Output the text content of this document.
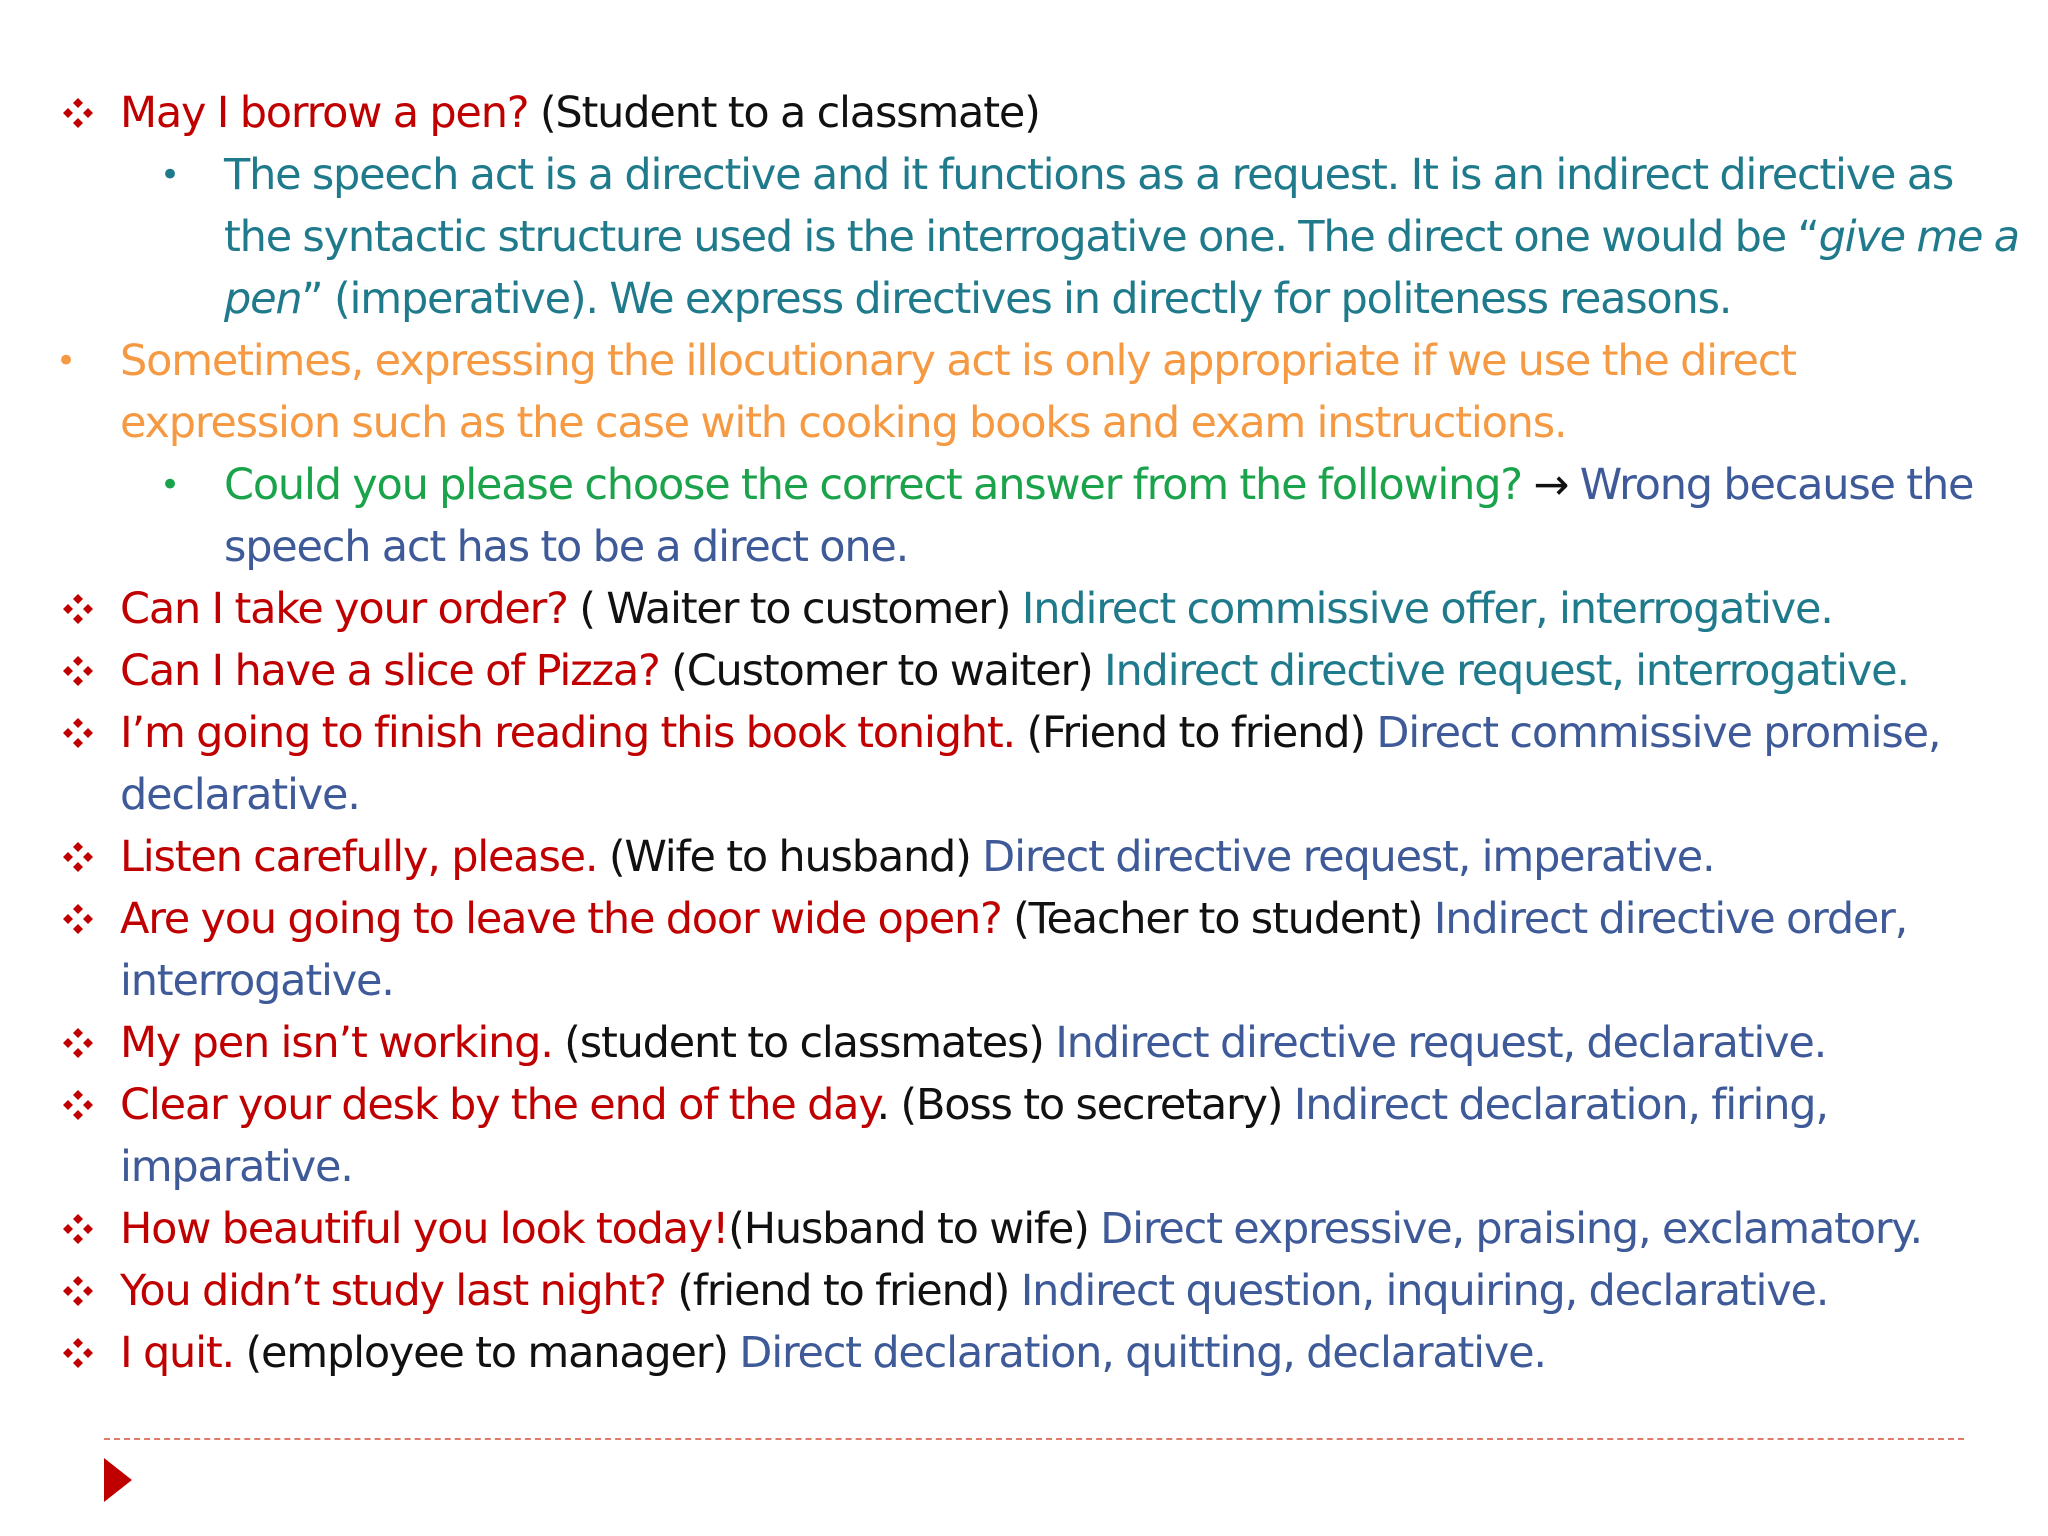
May I borrow a pen? (Student to a classmate)
•	The speech act is a directive and it functions as a request. It is an indirect directive as the syntactic structure used is the interrogative one. The direct one would be “give me a pen” (imperative). We express directives in directly for politeness reasons.
•	Sometimes, expressing the illocutionary act is only appropriate if we use the direct expression such as the case with cooking books and exam instructions.
•	Could you please choose the correct answer from the following? → Wrong because the speech act has to be a direct one.
Can I take your order? ( Waiter to customer) Indirect commissive offer, interrogative.
Can I have a slice of Pizza? (Customer to waiter) Indirect directive request, interrogative.
I’m going to finish reading this book tonight. (Friend to friend) Direct commissive promise, declarative.
Listen carefully, please. (Wife to husband) Direct directive request, imperative.
Are you going to leave the door wide open? (Teacher to student) Indirect directive order, interrogative.
My pen isn’t working. (student to classmates) Indirect directive request, declarative.
Clear your desk by the end of the day. (Boss to secretary) Indirect declaration, firing, imparative.
How beautiful you look today!(Husband to wife) Direct expressive, praising, exclamatory.
You didn’t study last night? (friend to friend) Indirect question, inquiring, declarative.
I quit. (employee to manager) Direct declaration, quitting, declarative.
